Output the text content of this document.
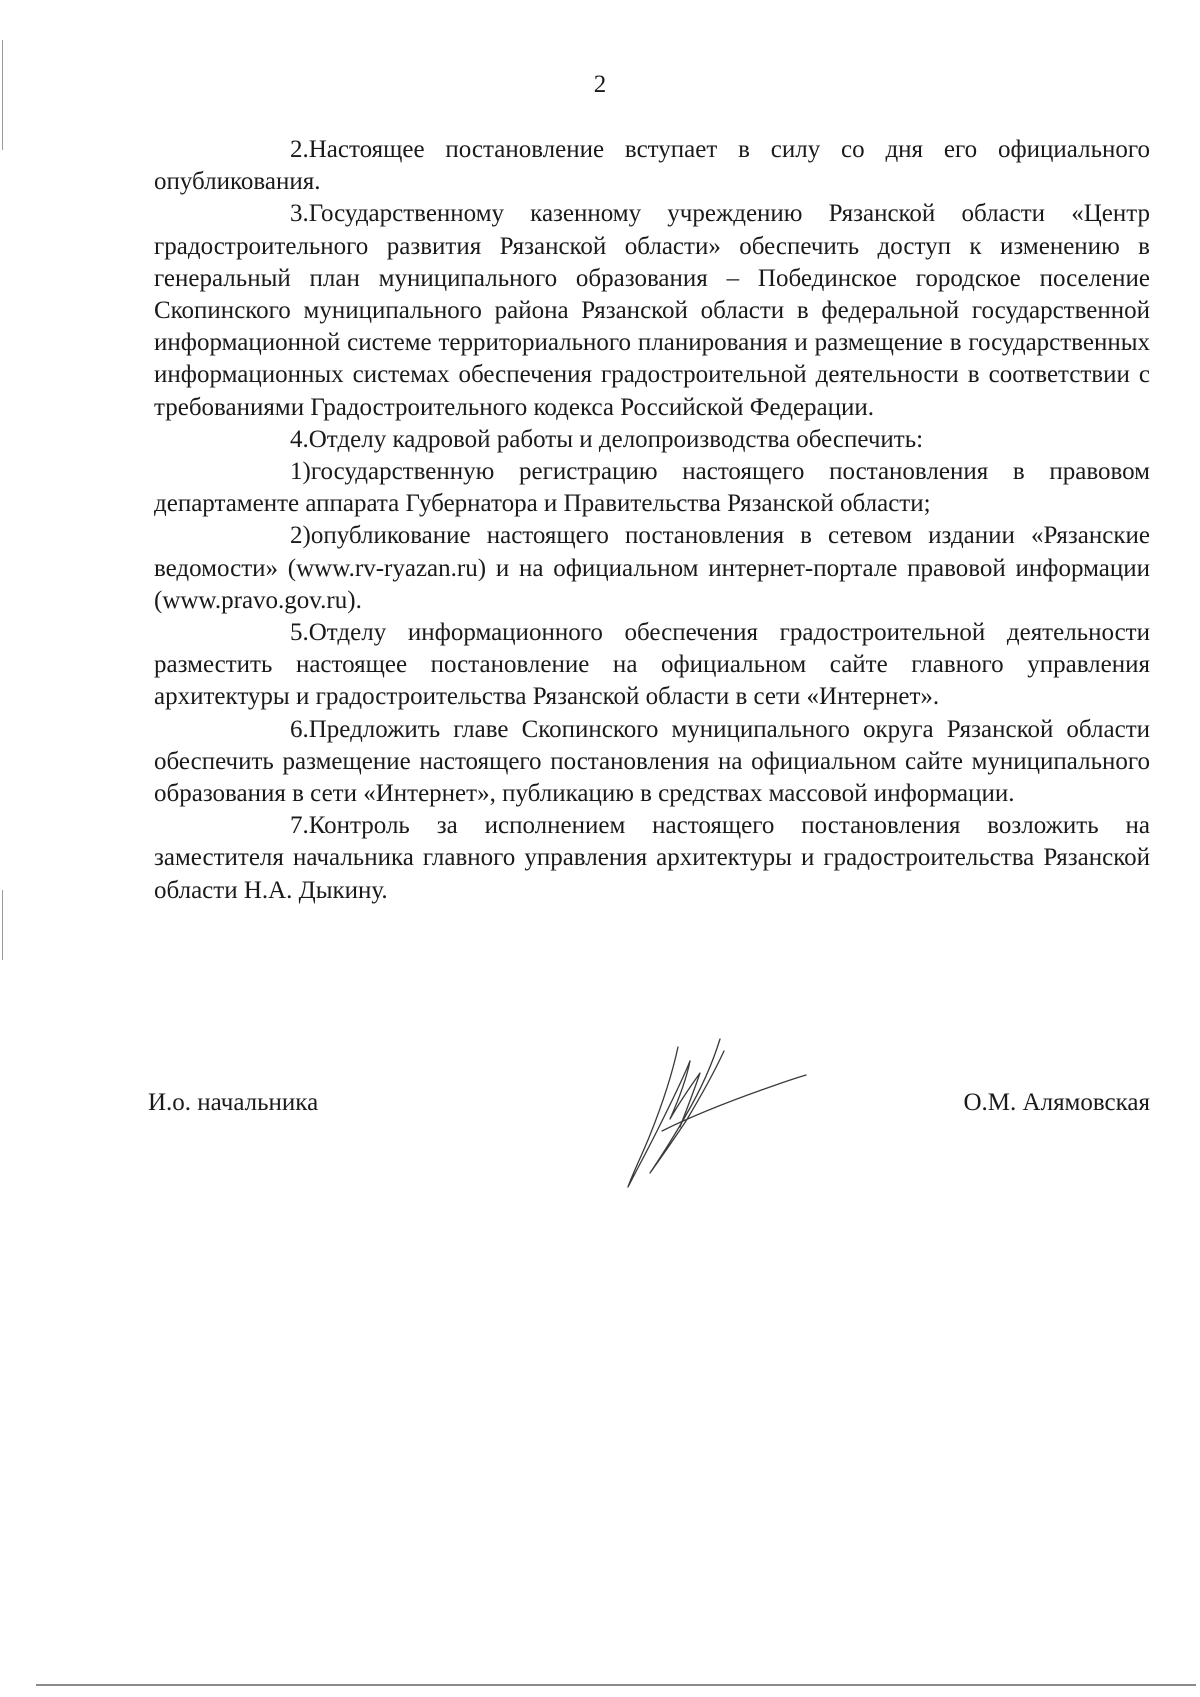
2

2.Настоящее постановление вступает в силу со дня его официального опубликования.

3.Государственному казенному учреждению Рязанской области «Центр градостроительного развития Рязанской области» обеспечить доступ к изменению в генеральный план муниципального образования – Побединское городское поселение Скопинского муниципального района Рязанской области в федеральной государственной информационной системе территориального планирования и размещение в государственных информационных системах обеспечения градостроительной деятельности в соответствии с требованиями Градостроительного кодекса Российской Федерации.

4.Отделу кадровой работы и делопроизводства обеспечить:

1)государственную регистрацию настоящего постановления в правовом департаменте аппарата Губернатора и Правительства Рязанской области;

2)опубликование настоящего постановления в сетевом издании «Рязанские ведомости» (www.rv-ryazan.ru) и на официальном интернет-портале правовой информации (www.pravo.gov.ru).

5.Отделу информационного обеспечения градостроительной деятельности разместить настоящее постановление на официальном сайте главного управления архитектуры и градостроительства Рязанской области в сети «Интернет».

6.Предложить главе Скопинского муниципального округа Рязанской области обеспечить размещение настоящего постановления на официальном сайте муниципального образования в сети «Интернет», публикацию в средствах массовой информации.

7.Контроль за исполнением настоящего постановления возложить на заместителя начальника главного управления архитектуры и градостроительства Рязанской области Н.А. Дыкину.

И.о. начальника	О.М. Алямовская
